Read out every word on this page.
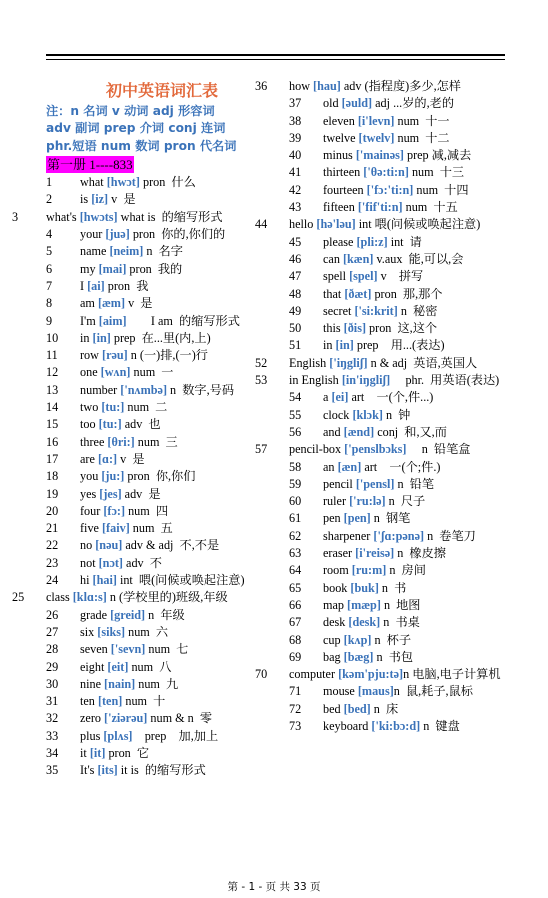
初中英语词汇表
注：n 名词 v 动词 adj 形容词
adv 副词 prep 介词 conj 连词
phr.短语 num 数词 pron 代名词
第一册 1----833
1	what [hwɔt] pron  什么
2	is [iz] v  是
3 what's [hwɔts] what is  的缩写形式
4	your [juə] pron  你的,你们的
5	name [neim] n  名字
6	my [mai] pron  我的
7	I [ai] pron  我
8	am [æm] v  是
9	I'm [aim]        I am  的缩写形式
10	in [in] prep  在...里(内,上)
11	row [rəu] n (一)排,(一)行
12	one [wʌn] num  一
13	number ['nʌmbə] n  数字,号码
14	two [tu:] num  二
15	too [tu:] adv  也
16	three [θri:] num  三
17	are [ɑ:] v  是
18	you [ju:] pron  你,你们
19	yes [jes] adv  是
20	four [fɔ:] num  四
21	five [faiv] num  五
22	no [nəu] adv & adj  不,不是
23	not [nɔt] adv  不
24	hi [hai] int  喂(问候或唤起注意)
25 class [klɑ:s] n (学校里的)班级,年级
26	grade [greid] n  年级
27	six [siks] num  六
28	seven ['sevn] num  七
29	eight [eit] num  八
30	nine [nain] num  九
31	ten [ten] num  十
32	zero ['ziərəu] num & n  零
33	plus [plʌs]    prep    加,加上
34	it [it] pron  它
35	It's [its] it is  的缩写形式
36 how [hau] adv (指程度)多少,怎样
37	old [əuld] adj ...岁的,老的
38	eleven [i'levn] num  十一
39	twelve [twelv] num  十二
40	minus ['mainəs] prep 减,减去
41	thirteen ['θə:ti:n] num  十三
42	fourteen ['fɔ:'ti:n] num  十四
43	fifteen ['fif'ti:n] num  十五
44 hello [hə'ləu] int 喂(问候或唤起注意)
45	please [pli:z] int  请
46	can [kæn] v.aux  能,可以,会
47	spell [spel] v    拼写
48	that [ðæt] pron  那,那个
49	secret ['si:krit] n  秘密
50	this [ðis] pron  这,这个
51	in [in] prep    用...(表达)
52 English ['iŋgliʃ] n & adj  英语,英国人
53 in English [in'iŋgliʃ]     phr.  用英语(表达)
54	a [ei] art    一(个,件...)
55	clock [klɔk] n  钟
56	and [ænd] conj  和,又,而
57 pencil-box ['penslbɔks]     n  铅笔盒
58	an [æn] art    一(个;件.)
59	pencil ['pensl] n  铅笔
60	ruler ['ru:lə] n  尺子
61	pen [pen] n  钢笔
62	sharpener ['ʃɑ:pənə] n  卷笔刀
63	eraser [i'reisə] n  橡皮擦
64	room [ru:m] n  房间
65	book [buk] n  书
66	map [mæp] n  地图
67	desk [desk] n  书桌
68	cup [kʌp] n  杯子
69	bag [bæg] n  书包
70 computer [kəm'pju:tə]n 电脑,电子计算机
71	mouse [maus]n  鼠,耗子,鼠标
72	bed [bed] n  床
73	keyboard ['ki:bɔ:d] n  键盘
第 - 1 - 页 共 33 页
